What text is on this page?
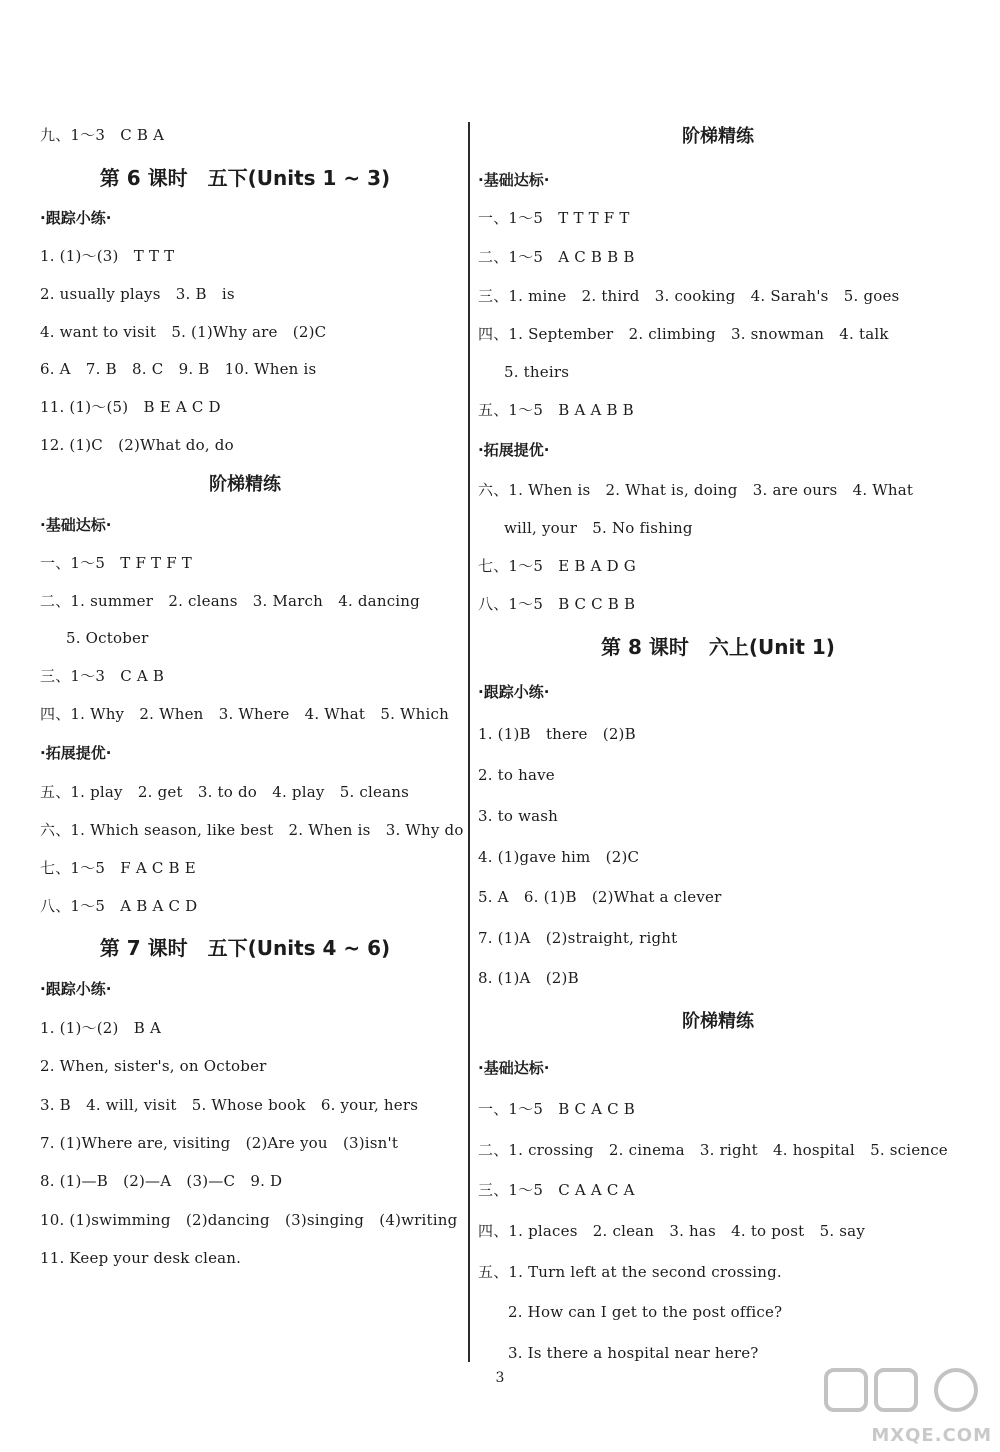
九、1～3　C B A
第 6 课时　五下(Units 1 ~ 3)
·跟踪小练·
1. (1)～(3)　T T T
2. usually plays　3. B　is
4. want to visit　5. (1)Why are　(2)C
6. A　7. B　8. C　9. B　10. When is
11. (1)～(5)　B E A C D
12. (1)C　(2)What do, do
阶梯精练
·基础达标·
一、1～5　T F T F T
二、1. summer　2. cleans　3. March　4. dancing
5. October
三、1～3　C A B
四、1. Why　2. When　3. Where　4. What　5. Which
·拓展提优·
五、1. play　2. get　3. to do　4. play　5. cleans
六、1. Which season, like best　2. When is　3. Why do
七、1～5　F A C B E
八、1～5　A B A C D
第 7 课时　五下(Units 4 ~ 6)
·跟踪小练·
1. (1)～(2)　B A
2. When, sister's, on October
3. B　4. will, visit　5. Whose book　6. your, hers
7. (1)Where are, visiting　(2)Are you　(3)isn't
8. (1)—B　(2)—A　(3)—C　9. D
10. (1)swimming　(2)dancing　(3)singing　(4)writing
11. Keep your desk clean.
阶梯精练
·基础达标·
一、1～5　T T T F T
二、1～5　A C B B B
三、1. mine　2. third　3. cooking　4. Sarah's　5. goes
四、1. September　2. climbing　3. snowman　4. talk
5. theirs
五、1～5　B A A B B
·拓展提优·
六、1. When is　2. What is, doing　3. are ours　4. What
will, your　5. No fishing
七、1～5　E B A D G
八、1～5　B C C B B
第 8 课时　六上(Unit 1)
·跟踪小练·
1. (1)B　there　(2)B
2. to have
3. to wash
4. (1)gave him　(2)C
5. A　6. (1)B　(2)What a clever
7. (1)A　(2)straight, right
8. (1)A　(2)B
阶梯精练
·基础达标·
一、1～5　B C A C B
二、1. crossing　2. cinema　3. right　4. hospital　5. science
三、1～5　C A A C A
四、1. places　2. clean　3. has　4. to post　5. say
五、1. Turn left at the second crossing.
2. How can I get to the post office?
3. Is there a hospital near here?
3
MXQE.COM
